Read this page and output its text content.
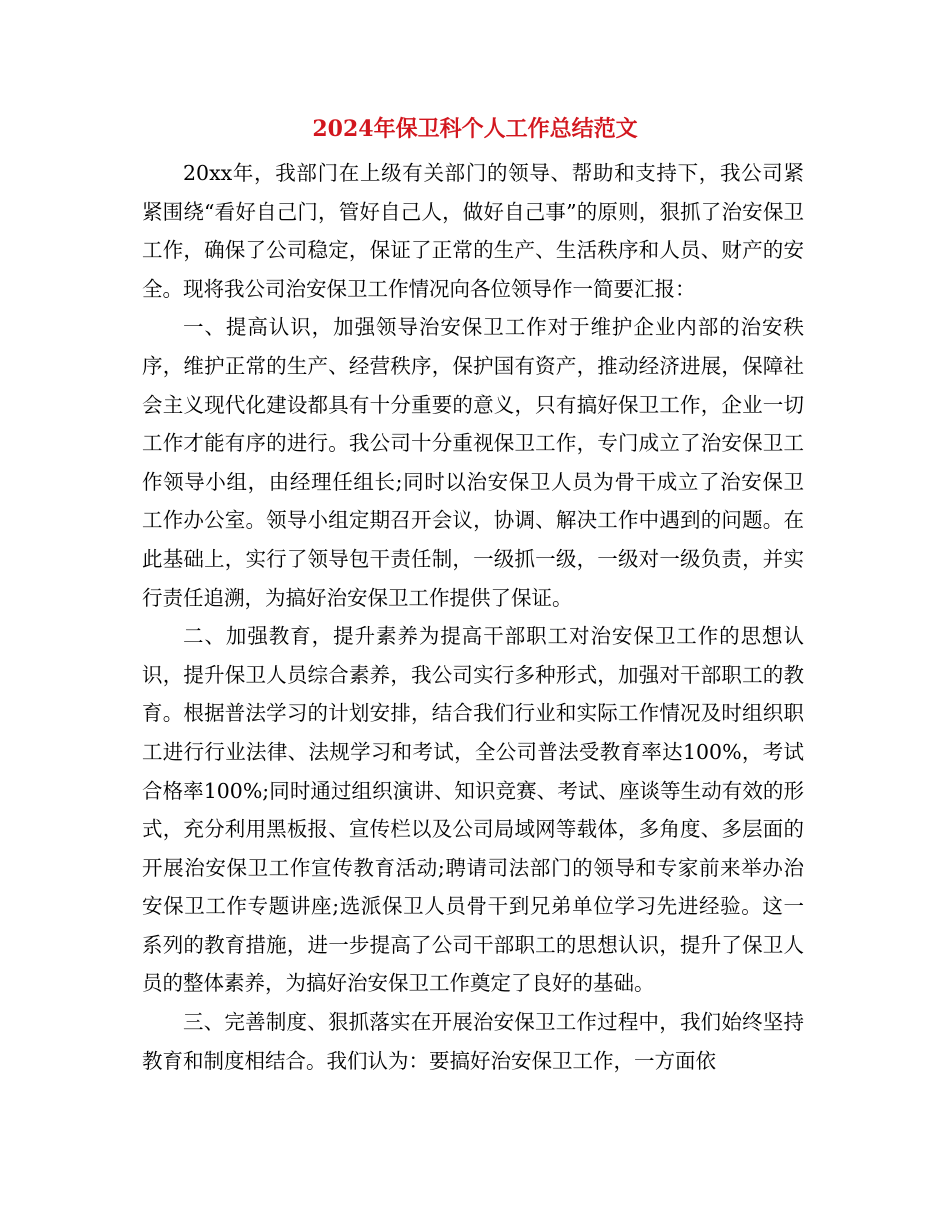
2024年保卫科个人工作总结范文

20xx年，我部门在上级有关部门的领导、帮助和支持下，我公司紧紧围绕“看好自己门，管好自己人，做好自己事”的原则，狠抓了治安保卫工作，确保了公司稳定，保证了正常的生产、生活秩序和人员、财产的安全。现将我公司治安保卫工作情况向各位领导作一简要汇报：

一、提高认识，加强领导治安保卫工作对于维护企业内部的治安秩序，维护正常的生产、经营秩序，保护国有资产，推动经济进展，保障社会主义现代化建设都具有十分重要的意义，只有搞好保卫工作，企业一切工作才能有序的进行。我公司十分重视保卫工作，专门成立了治安保卫工作领导小组，由经理任组长;同时以治安保卫人员为骨干成立了治安保卫工作办公室。领导小组定期召开会议，协调、解决工作中遇到的问题。在此基础上，实行了领导包干责任制，一级抓一级，一级对一级负责，并实行责任追溯，为搞好治安保卫工作提供了保证。

二、加强教育，提升素养为提高干部职工对治安保卫工作的思想认识，提升保卫人员综合素养，我公司实行多种形式，加强对干部职工的教育。根据普法学习的计划安排，结合我们行业和实际工作情况及时组织职工进行行业法律、法规学习和考试，全公司普法受教育率达100%，考试合格率100%;同时通过组织演讲、知识竞赛、考试、座谈等生动有效的形式，充分利用黑板报、宣传栏以及公司局域网等载体，多角度、多层面的开展治安保卫工作宣传教育活动;聘请司法部门的领导和专家前来举办治安保卫工作专题讲座;选派保卫人员骨干到兄弟单位学习先进经验。这一系列的教育措施，进一步提高了公司干部职工的思想认识，提升了保卫人员的整体素养，为搞好治安保卫工作奠定了良好的基础。

三、完善制度、狠抓落实在开展治安保卫工作过程中，我们始终坚持教育和制度相结合。我们认为：要搞好治安保卫工作，一方面依
